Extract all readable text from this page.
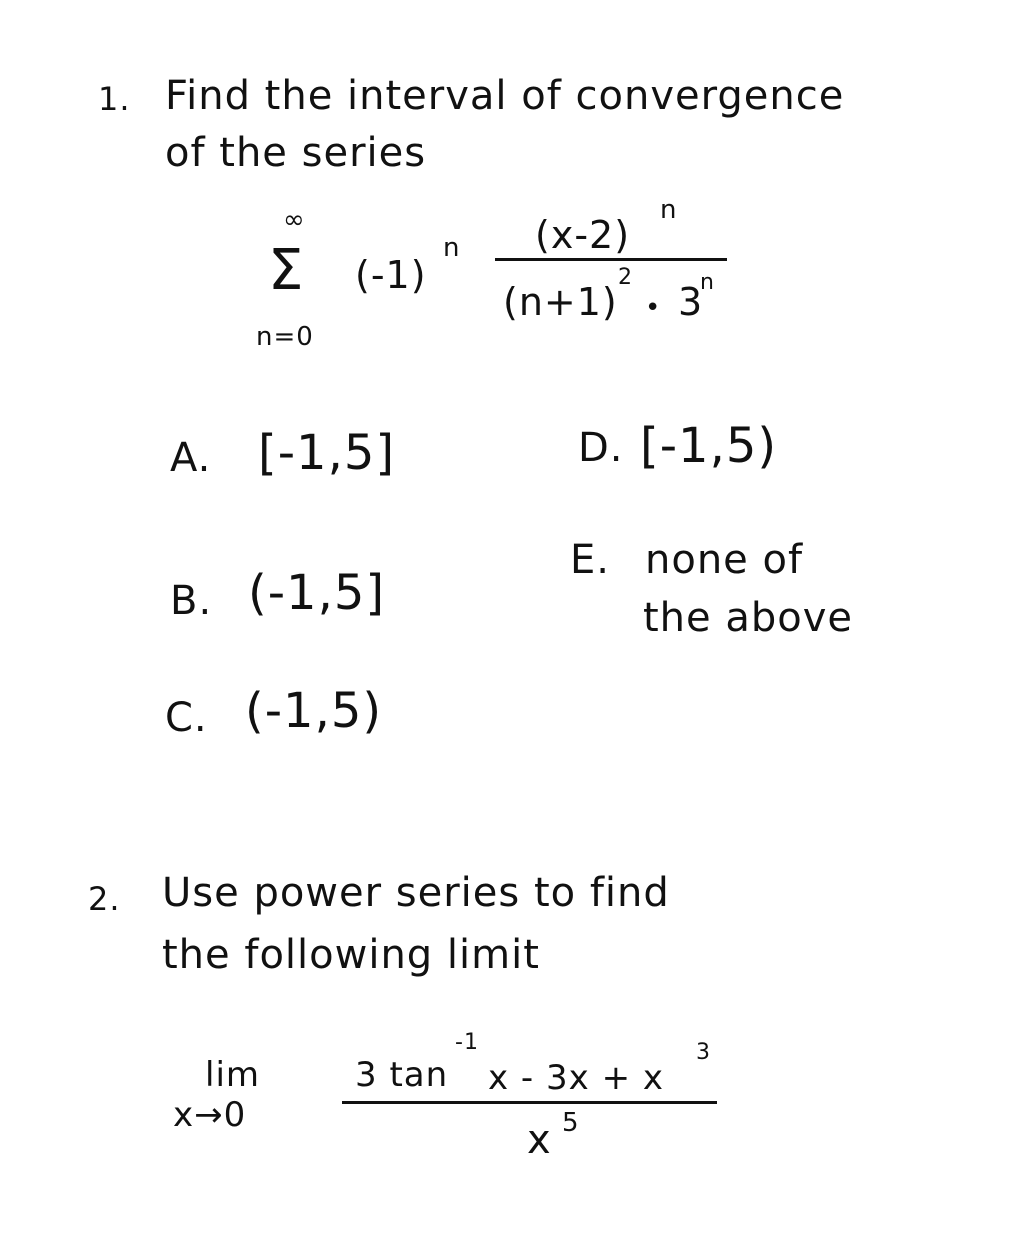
1. Find the interval of convergence
of the series
∞
Σ
n=0
(-1)
n (x-2)
n
(n+1)
2
• 3
n
A. [-1,5]	D. [-1,5)
E. none of
the above
B. (-1,5]
C. (-1,5)
2. Use power series to find
the following limit
lim
x→0
3 tan
-1
x - 3x + x
3
x 5
